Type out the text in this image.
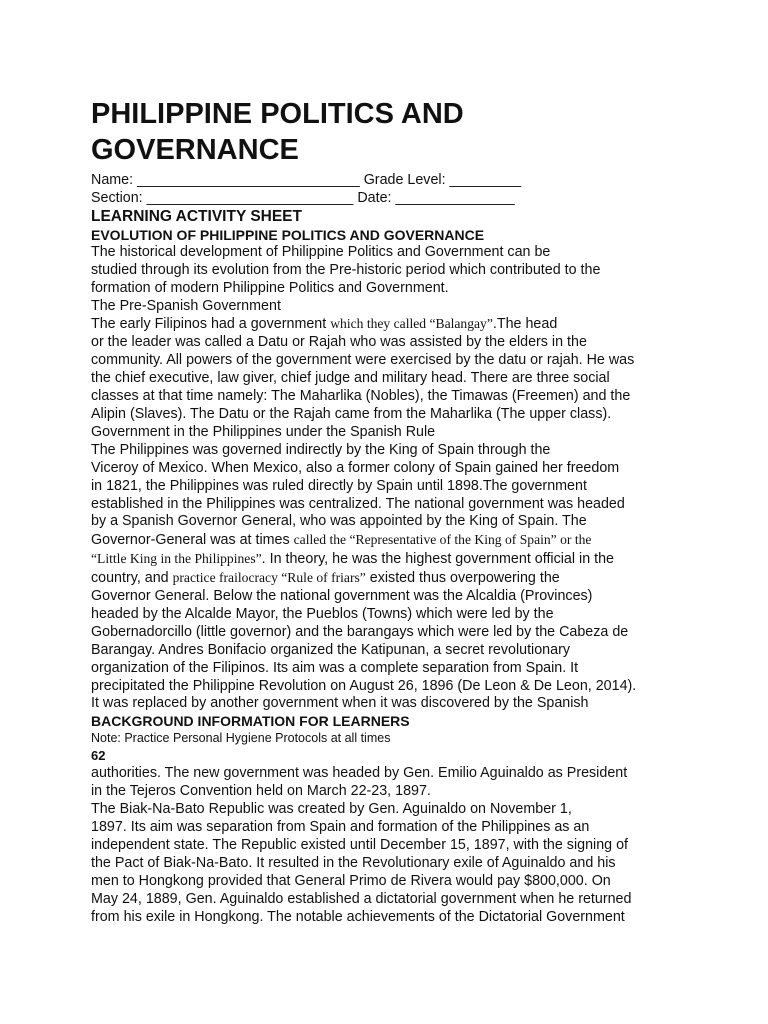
PHILIPPINE POLITICS AND
GOVERNANCE

Name: ____________________________ Grade Level: _________

Section: __________________________ Date: _______________

LEARNING ACTIVITY SHEET

EVOLUTION OF PHILIPPINE POLITICS AND GOVERNANCE

The historical development of Philippine Politics and Government can be

studied through its evolution from the Pre-historic period which contributed to the

formation of modern Philippine Politics and Government.

The Pre-Spanish Government

The early Filipinos had a government which they called “Balangay”.The head

or the leader was called a Datu or Rajah who was assisted by the elders in the

community. All powers of the government were exercised by the datu or rajah. He was

the chief executive, law giver, chief judge and military head. There are three social

classes at that time namely: The Maharlika (Nobles), the Timawas (Freemen) and the

Alipin (Slaves). The Datu or the Rajah came from the Maharlika (The upper class).

Government in the Philippines under the Spanish Rule

The Philippines was governed indirectly by the King of Spain through the

Viceroy of Mexico. When Mexico, also a former colony of Spain gained her freedom

in 1821, the Philippines was ruled directly by Spain until 1898.The government

established in the Philippines was centralized. The national government was headed

by a Spanish Governor General, who was appointed by the King of Spain. The

Governor-General was at times called the “Representative of the King of Spain” or the

“Little King in the Philippines”. In theory, he was the highest government official in the

country, and practice frailocracy “Rule of friars” existed thus overpowering the

Governor General. Below the national government was the Alcaldia (Provinces)

headed by the Alcalde Mayor, the Pueblos (Towns) which were led by the

Gobernadorcillo (little governor) and the barangays which were led by the Cabeza de

Barangay. Andres Bonifacio organized the Katipunan, a secret revolutionary

organization of the Filipinos. Its aim was a complete separation from Spain. It

precipitated the Philippine Revolution on August 26, 1896 (De Leon & De Leon, 2014).

It was replaced by another government when it was discovered by the Spanish

BACKGROUND INFORMATION FOR LEARNERS

Note: Practice Personal Hygiene Protocols at all times

62

authorities. The new government was headed by Gen. Emilio Aguinaldo as President

in the Tejeros Convention held on March 22-23, 1897.

The Biak-Na-Bato Republic was created by Gen. Aguinaldo on November 1,

1897. Its aim was separation from Spain and formation of the Philippines as an

independent state. The Republic existed until December 15, 1897, with the signing of

the Pact of Biak-Na-Bato. It resulted in the Revolutionary exile of Aguinaldo and his

men to Hongkong provided that General Primo de Rivera would pay $800,000. On

May 24, 1889, Gen. Aguinaldo established a dictatorial government when he returned

from his exile in Hongkong. The notable achievements of the Dictatorial Government
